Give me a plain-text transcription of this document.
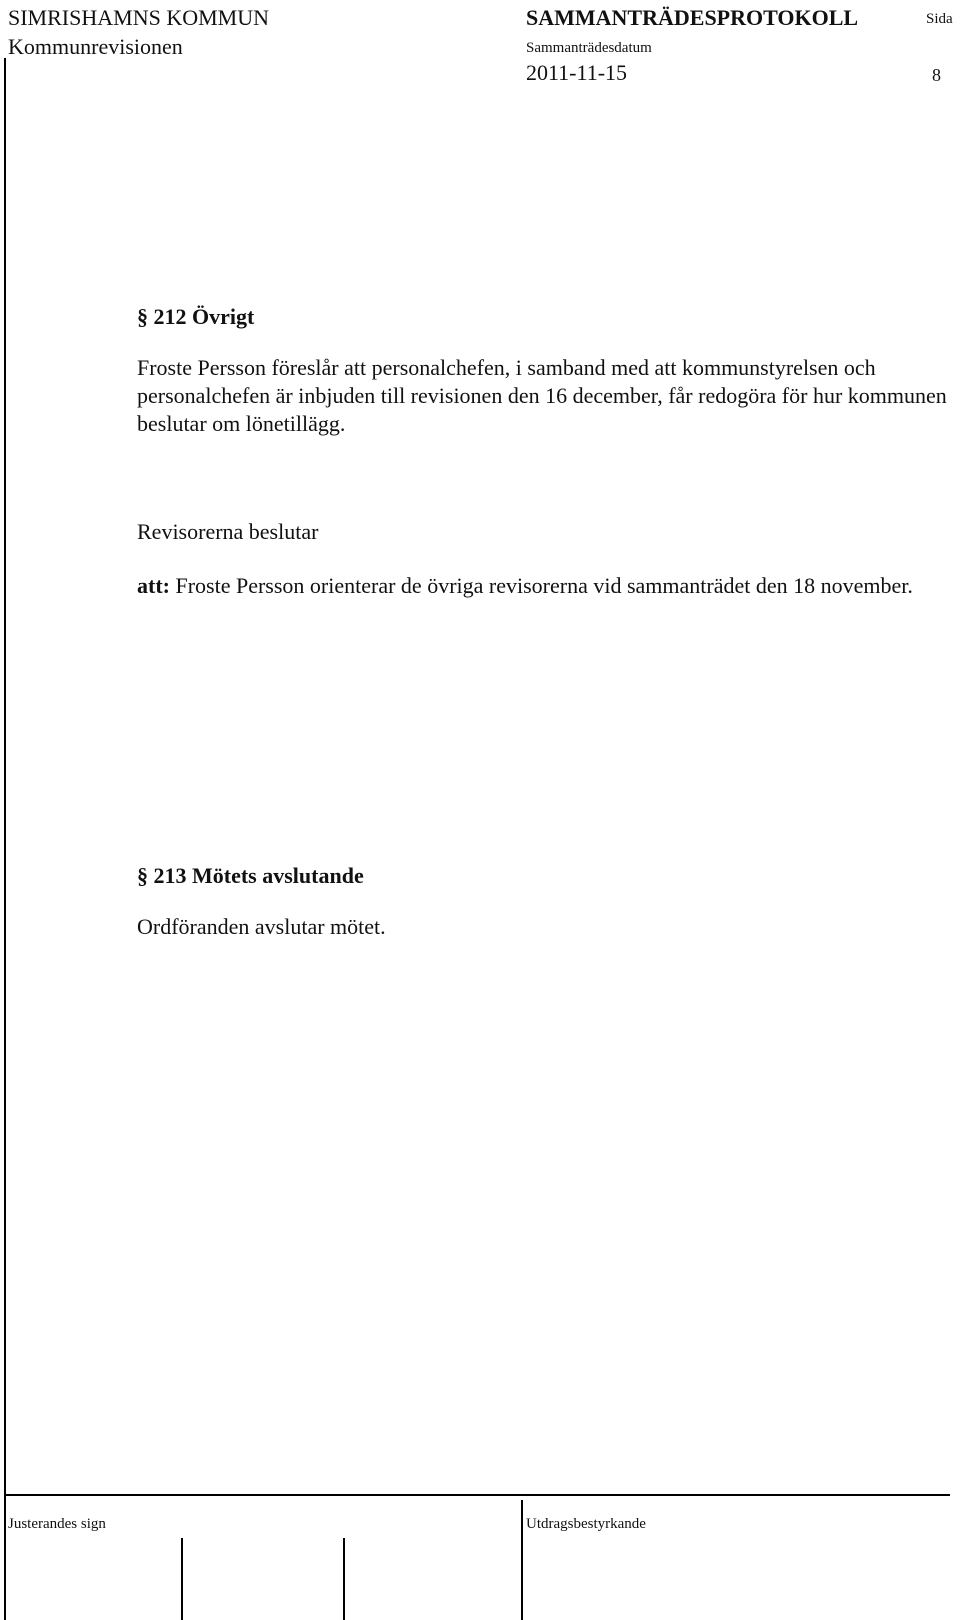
SIMRISHAMNS KOMMUN
Kommunrevisionen
SAMMANTRÄDESPROTOKOLL	Sida
Sammanträdesdatum
2011-11-15	8
§ 212 Övrigt
Froste Persson föreslår att personalchefen, i samband med att kommunstyrelsen och personalchefen är inbjuden till revisionen den 16 december, får redogöra för hur kommunen beslutar om lönetillägg.
Revisorerna beslutar
att: Froste Persson orienterar de övriga revisorerna vid sammanträdet den 18 november.
§ 213 Mötets avslutande
Ordföranden avslutar mötet.
Justerandes sign	Utdragsbestyrkande
